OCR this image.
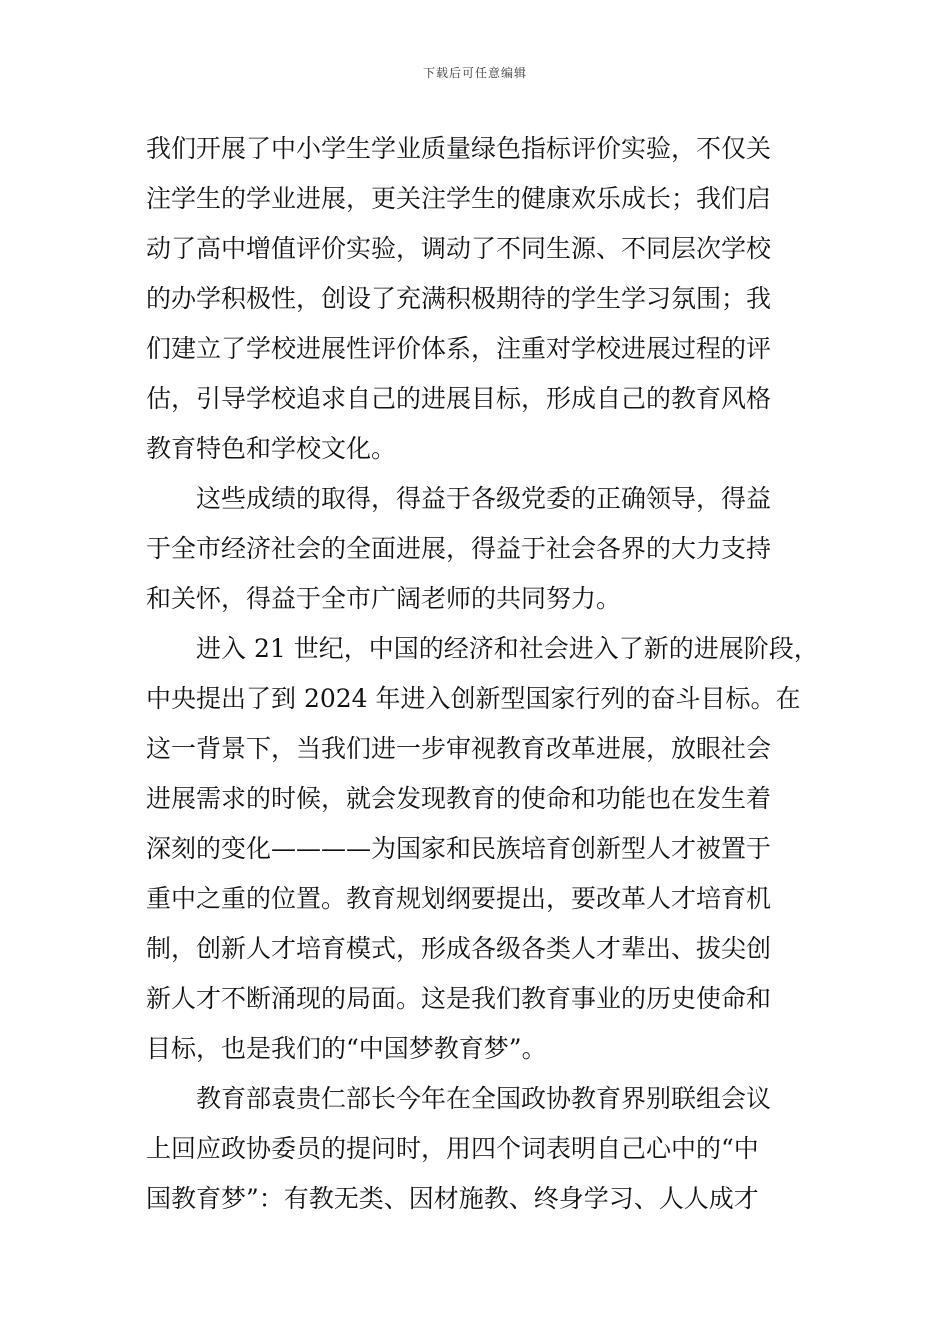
下载后可任意编辑
我们开展了中小学生学业质量绿色指标评价实验，不仅关
注学生的学业进展，更关注学生的健康欢乐成长；我们启
动了高中增值评价实验，调动了不同生源、不同层次学校
的办学积极性，创设了充满积极期待的学生学习氛围；我
们建立了学校进展性评价体系，注重对学校进展过程的评
估，引导学校追求自己的进展目标，形成自己的教育风格
教育特色和学校文化。
　　这些成绩的取得，得益于各级党委的正确领导，得益
于全市经济社会的全面进展，得益于社会各界的大力支持
和关怀，得益于全市广阔老师的共同努力。
　　进入 21 世纪，中国的经济和社会进入了新的进展阶段，
中央提出了到 2024 年进入创新型国家行列的奋斗目标。在
这一背景下，当我们进一步审视教育改革进展，放眼社会
进展需求的时候，就会发现教育的使命和功能也在发生着
深刻的变化————为国家和民族培育创新型人才被置于
重中之重的位置。教育规划纲要提出，要改革人才培育机
制，创新人才培育模式，形成各级各类人才辈出、拔尖创
新人才不断涌现的局面。这是我们教育事业的历史使命和
目标，也是我们的“中国梦教育梦”。
　　教育部袁贵仁部长今年在全国政协教育界别联组会议
上回应政协委员的提问时，用四个词表明自己心中的“中
国教育梦”：有教无类、因材施教、终身学习、人人成才
